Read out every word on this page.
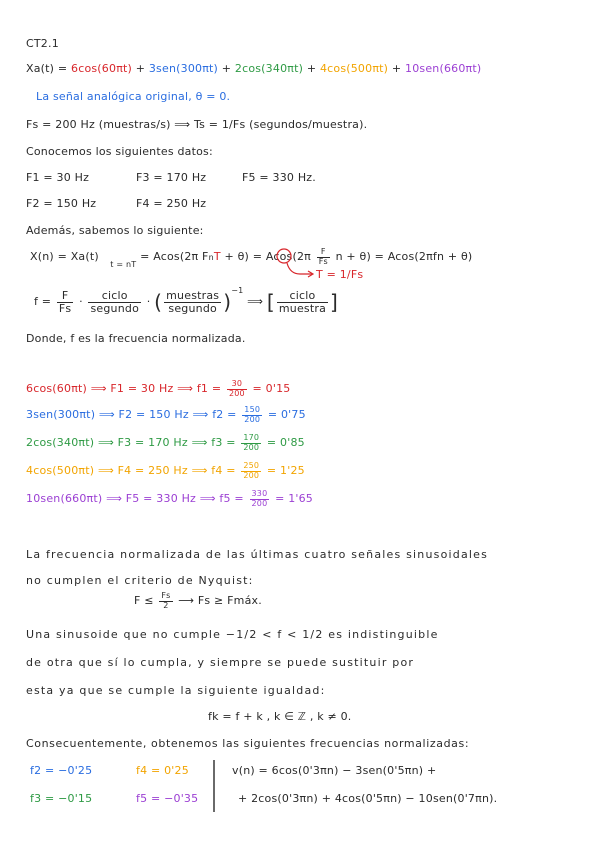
CT2.1
Xa(t) = 6cos(60πt) + 3sen(300πt) + 2cos(340πt) + 4cos(500πt) + 10sen(660πt)
La señal analógica original, θ = 0.
Fs = 200 Hz (muestras/s) ⟹ Ts = 1/Fs (segundos/muestra).
Conocemos los siguientes datos:
F1 = 30 Hz	F3 = 170 Hz	F5 = 330 Hz.
F2 = 150 Hz	F4 = 250 Hz
Además, sabemos lo siguiente:
X(n) = Xa(t)  $_{t = nT}$ = Acos(2π FnT + $\theta) = Acos(2\pi \frac{F}{Fs}$ n + θ) = Acos(2πfn + θ)
T = 1/Fs
$f = \frac{F}{Fs} \cdot \frac{\text{ciclo}}{\text{segundo}}$ · ( $\frac{\text{muestras}}{\text{segundo}} )^{-1}$ ⟹ [ $\frac{\text{ciclo}}{\text{muestra}}$ ]
Donde, f es la frecuencia normalizada.
6cos(60πt) ⟹ F1 = 30 Hz ⟹ $f1 = \frac{30}{200} = 0'15$
3sen(300πt) ⟹ F2 = 150 Hz ⟹ $f2 = \frac{150}{200} = 0'75$
2cos(340πt) ⟹ F3 = 170 Hz ⟹ $f3 = \frac{170}{200} = 0'85$
4cos(500πt) ⟹ F4 = 250 Hz ⟹ $f4 = \frac{250}{200} = 1'25$
10sen(660πt) ⟹ F5 = 330 Hz ⟹ $f5 = \frac{330}{200} = 1'65$
La frecuencia normalizada de las últimas cuatro señales sinusoidales
no cumplen el criterio de Nyquist:
$F \le \frac{Fs}{2}$ ⟶ Fs ≥ Fmáx.
Una sinusoide que no cumple −1/2 < f < 1/2 es indistinguible
de otra que sí lo cumpla, y siempre se puede sustituir por
esta ya que se cumple la siguiente igualdad:
fk = f + k , k ∈ ℤ , k ≠ 0.
Consecuentemente, obtenemos las siguientes frecuencias normalizadas:
f2 = −0'25	f4 = 0'25
f3 = −0'15	f5 = −0'35
v(n) = 6cos(0'3πn) − 3sen(0'5πn) +
+ 2cos(0'3πn) + 4cos(0'5πn) − 10sen(0'7πn).
